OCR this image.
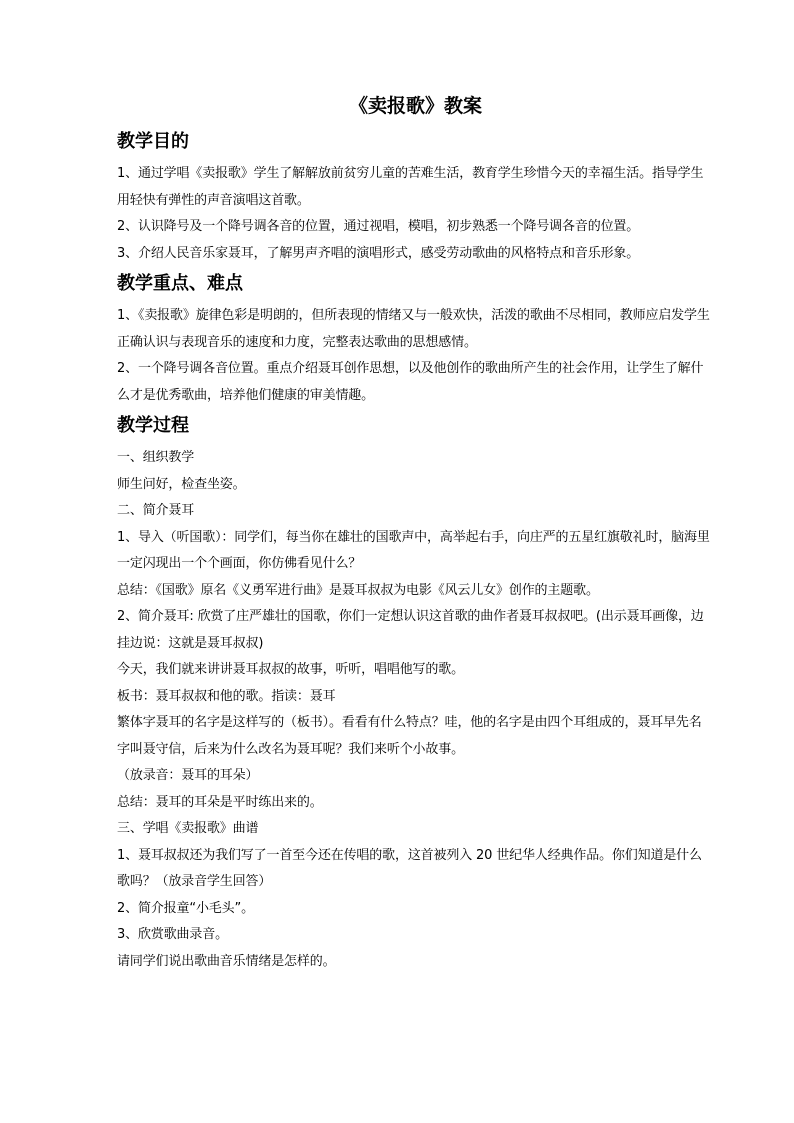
《卖报歌》教案
教学目的

1、通过学唱《卖报歌》学生了解解放前贫穷儿童的苦难生活，教育学生珍惜今天的幸福生活。指导学生用轻快有弹性的声音演唱这首歌。

2、认识降号及一个降号调各音的位置，通过视唱，模唱，初步熟悉一个降号调各音的位置。

3、介绍人民音乐家聂耳，了解男声齐唱的演唱形式，感受劳动歌曲的风格特点和音乐形象。

教学重点、难点

1、《卖报歌》旋律色彩是明朗的，但所表现的情绪又与一般欢快，活泼的歌曲不尽相同，教师应启发学生正确认识与表现音乐的速度和力度，完整表达歌曲的思想感情。

2、一个降号调各音位置。重点介绍聂耳创作思想，以及他创作的歌曲所产生的社会作用，让学生了解什么才是优秀歌曲，培养他们健康的审美情趣。

教学过程

一、组织教学

师生问好，检查坐姿。

二、简介聂耳

1、导入（听国歌）：同学们，每当你在雄壮的国歌声中，高举起右手，向庄严的五星红旗敬礼时，脑海里一定闪现出一个个画面，你仿佛看见什么？

总结：《国歌》原名《义勇军进行曲》是聂耳叔叔为电影《风云儿女》创作的主题歌。

2、简介聂耳: 欣赏了庄严雄壮的国歌，你们一定想认识这首歌的曲作者聂耳叔叔吧。(出示聂耳画像，边挂边说：这就是聂耳叔叔)

今天，我们就来讲讲聂耳叔叔的故事，听听，唱唱他写的歌。

板书：聂耳叔叔和他的歌。指读：聂耳

繁体字聂耳的名字是这样写的（板书）。看看有什么特点？哇，他的名字是由四个耳组成的，聂耳早先名字叫聂守信，后来为什么改名为聂耳呢？我们来听个小故事。

（放录音：聂耳的耳朵）

总结：聂耳的耳朵是平时练出来的。

三、学唱《卖报歌》曲谱

1、聂耳叔叔还为我们写了一首至今还在传唱的歌，这首被列入 20 世纪华人经典作品。你们知道是什么歌吗？（放录音学生回答）

2、简介报童“小毛头”。

3、欣赏歌曲录音。

请同学们说出歌曲音乐情绪是怎样的。
